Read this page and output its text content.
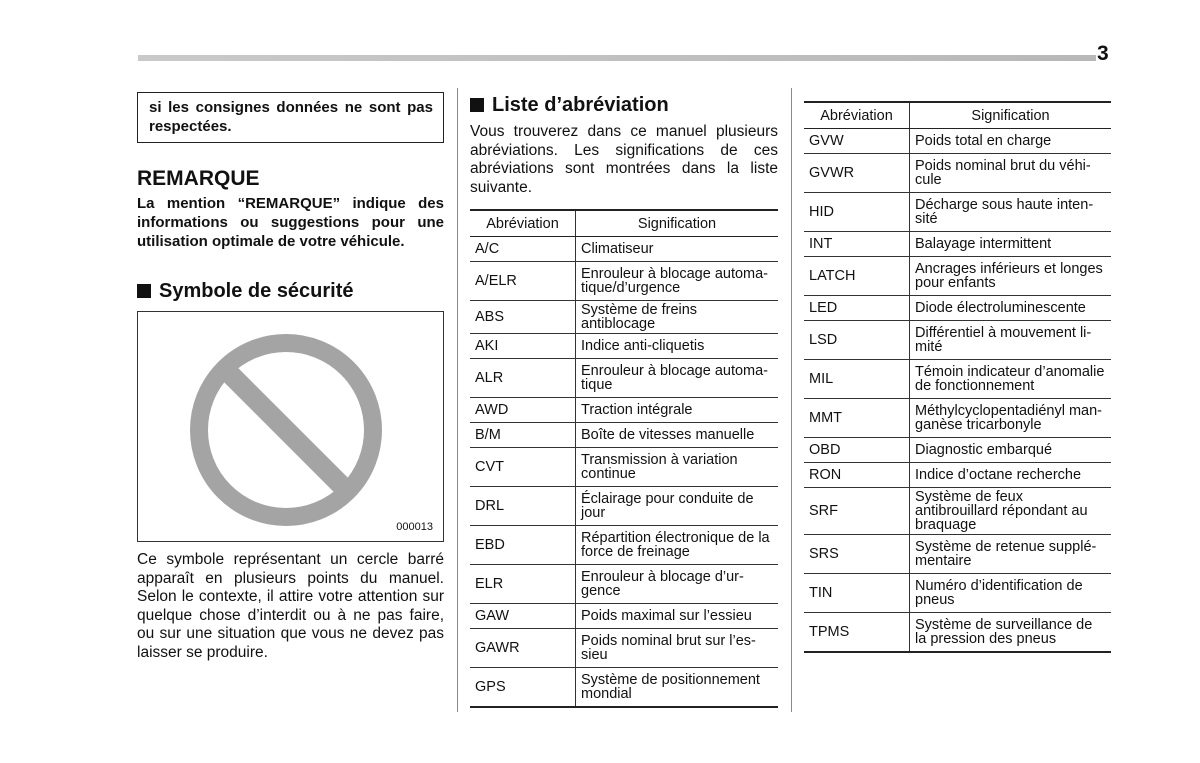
3
si les consignes données ne sont pas respectées.
REMARQUE
La mention “REMARQUE” indique des informations ou suggestions pour une utilisation optimale de votre véhicule.
Symbole de sécurité
000013
Ce symbole représentant un cercle barré apparaît en plusieurs points du manuel. Selon le contexte, il attire votre attention sur quelque chose d’interdit ou à ne pas faire, ou sur une situation que vous ne devez pas laisser se produire.
Liste d’abréviation
Vous trouverez dans ce manuel plusieurs abréviations. Les significations de ces abréviations sont montrées dans la liste suivante.
Abréviation	Signification
A/C	Climatiseur
A/ELR	Enrouleur à blocage automa-tique/d’urgence
ABS	Système de freins antiblocage
AKI	Indice anti-cliquetis
ALR	Enrouleur à blocage automa-tique
AWD	Traction intégrale
B/M	Boîte de vitesses manuelle
CVT	Transmission à variation continue
DRL	Éclairage pour conduite de jour
EBD	Répartition électronique de la force de freinage
ELR	Enrouleur à blocage d’ur-gence
GAW	Poids maximal sur l’essieu
GAWR	Poids nominal brut sur l’es-sieu
GPS	Système de positionnement mondial
Abréviation	Signification
GVW	Poids total en charge
GVWR	Poids nominal brut du véhi-cule
HID	Décharge sous haute inten-sité
INT	Balayage intermittent
LATCH	Ancrages inférieurs et longes pour enfants
LED	Diode électroluminescente
LSD	Différentiel à mouvement li-mité
MIL	Témoin indicateur d’anomalie de fonctionnement
MMT	Méthylcyclopentadiényl man-ganèse tricarbonyle
OBD	Diagnostic embarqué
RON	Indice d’octane recherche
SRF	Système de feux antibrouillard répondant au braquage
SRS	Système de retenue supplé-mentaire
TIN	Numéro d’identification de pneus
TPMS	Système de surveillance de la pression des pneus
